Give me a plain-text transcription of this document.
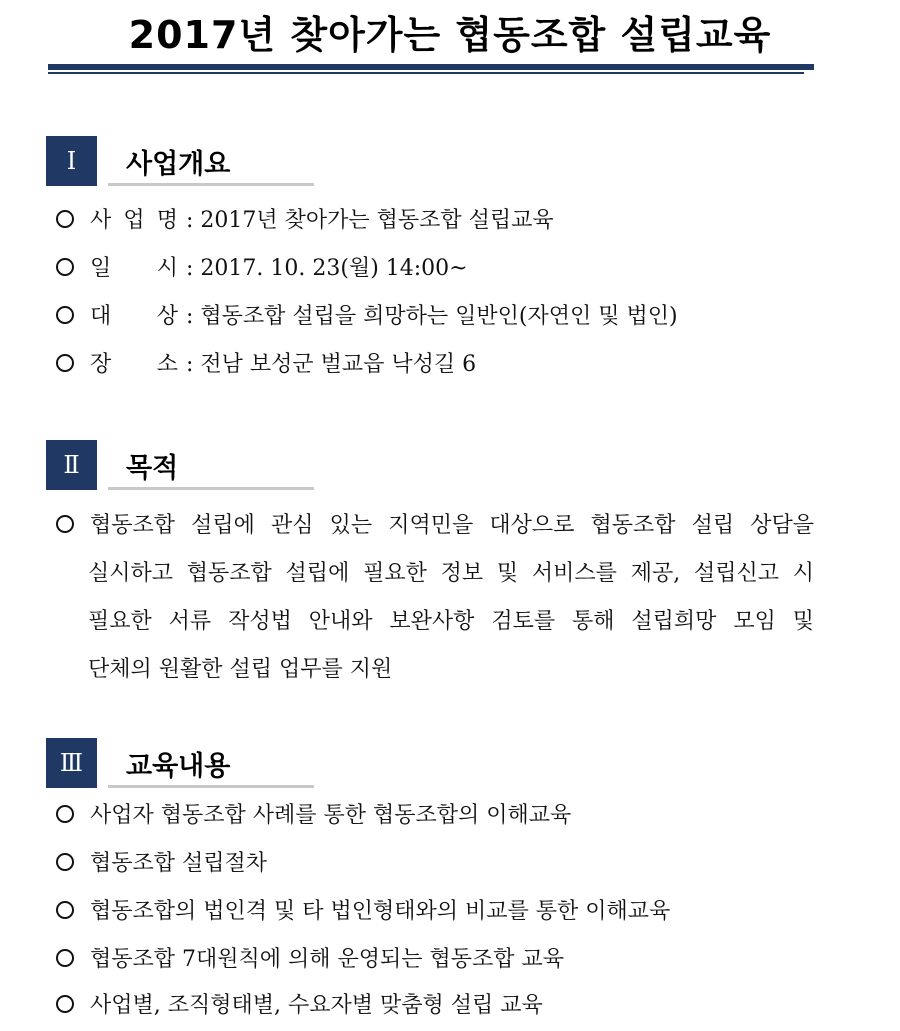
2017년 찾아가는 협동조합 설립교육
Ⅰ	사업개요
사 업 명 : 2017년 찾아가는 협동조합 설립교육
일 시 : 2017. 10. 23(월) 14:00~
대 상 : 협동조합 설립을 희망하는 일반인(자연인 및 법인)
장 소 : 전남 보성군 벌교읍 낙성길 6
Ⅱ	목적
협동조합 설립에 관심 있는 지역민을 대상으로 협동조합 설립 상담을
실시하고 협동조합 설립에 필요한 정보 및 서비스를 제공, 설립신고 시
필요한 서류 작성법 안내와 보완사항 검토를 통해 설립희망 모임 및
단체의 원활한 설립 업무를 지원
Ⅲ	교육내용
사업자 협동조합 사례를 통한 협동조합의 이해교육
협동조합 설립절차
협동조합의 법인격 및 타 법인형태와의 비교를 통한 이해교육
협동조합 7대원칙에 의해 운영되는 협동조합 교육
사업별, 조직형태별, 수요자별 맞춤형 설립 교육
